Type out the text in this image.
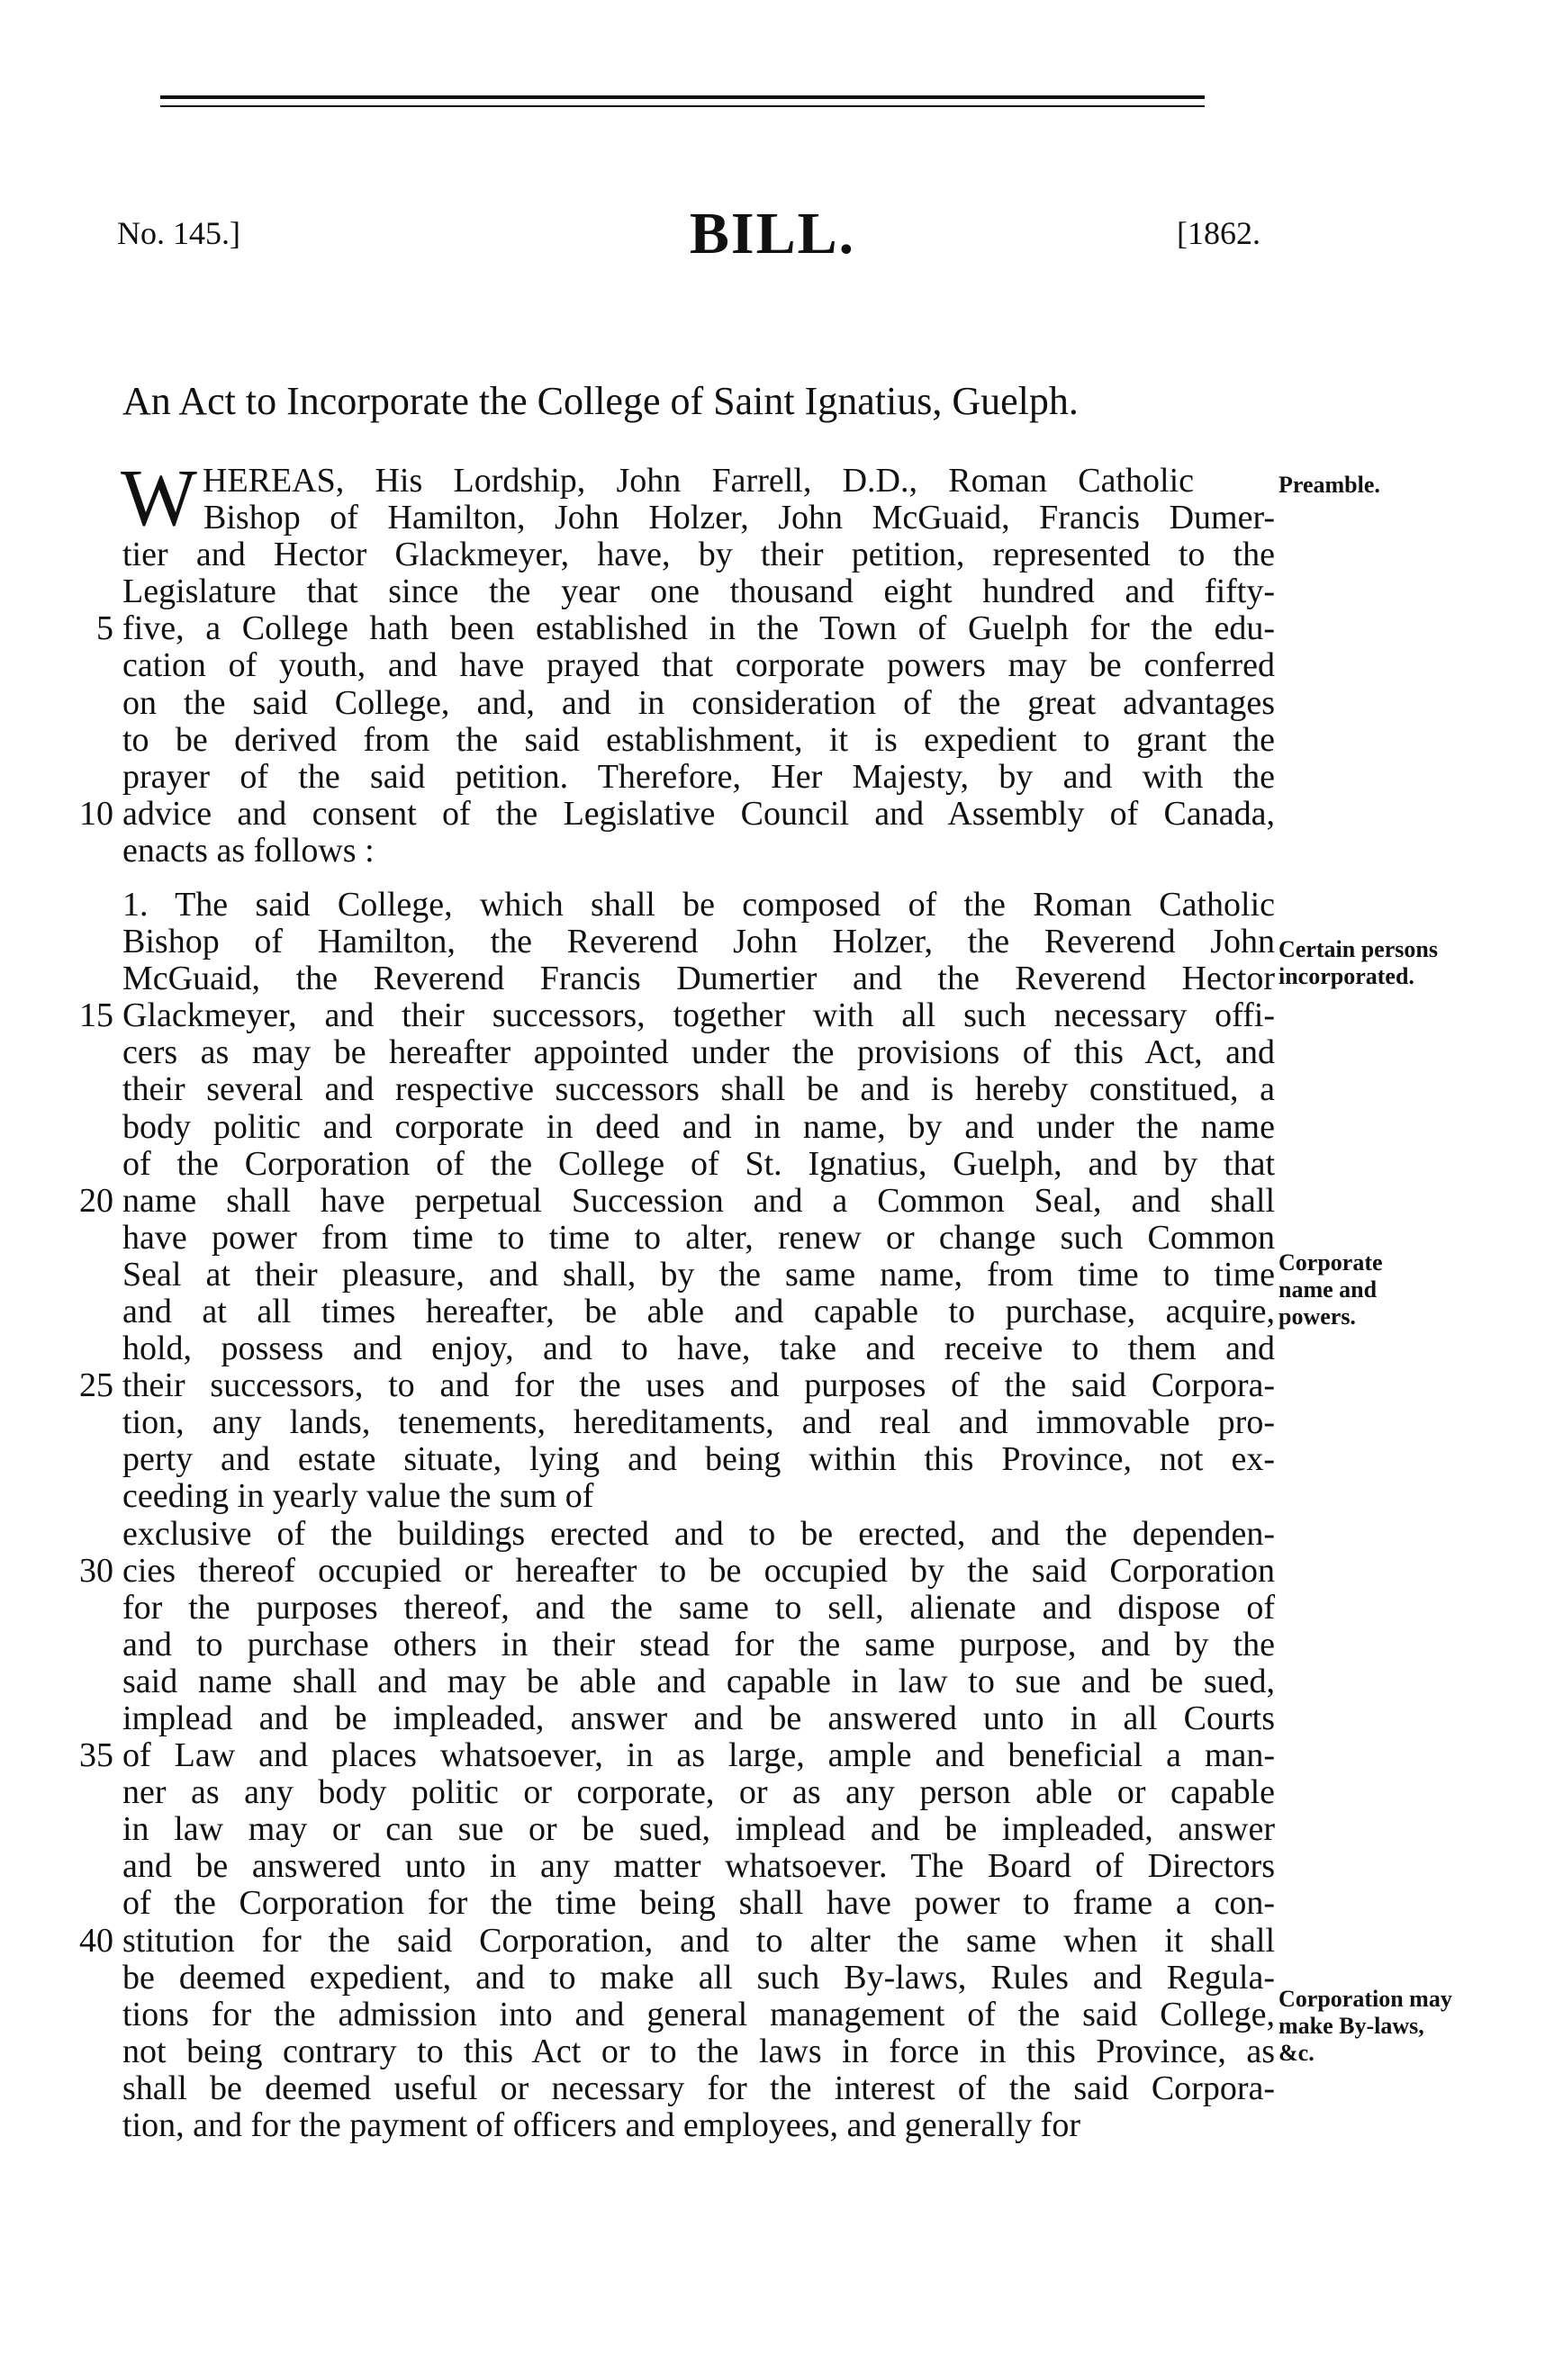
No. 145.]	BILL.	[1862.
An Act to Incorporate the College of Saint Ignatius, Guelph.
W HEREAS, His Lordship, John Farrell, D.D., Roman Catholic
Bishop of Hamilton, John Holzer, John McGuaid, Francis Dumer-
tier and Hector Glackmeyer, have, by their petition, represented to the
Legislature that since the year one thousand eight hundred and fifty-
5 five, a College hath been established in the Town of Guelph for the edu-
cation of youth, and have prayed that corporate powers may be conferred
on the said College, and, and in consideration of the great advantages
to be derived from the said establishment, it is expedient to grant the
prayer of the said petition. Therefore, Her Majesty, by and with the
10 advice and consent of the Legislative Council and Assembly of Canada,
enacts as follows :
1. The said College, which shall be composed of the Roman Catholic
Bishop of Hamilton, the Reverend John Holzer, the Reverend John
McGuaid, the Reverend Francis Dumertier and the Reverend Hector
15 Glackmeyer, and their successors, together with all such necessary offi-
cers as may be hereafter appointed under the provisions of this Act, and
their several and respective successors shall be and is hereby constitued, a
body politic and corporate in deed and in name, by and under the name
of the Corporation of the College of St. Ignatius, Guelph, and by that
20 name shall have perpetual Succession and a Common Seal, and shall
have power from time to time to alter, renew or change such Common
Seal at their pleasure, and shall, by the same name, from time to time
and at all times hereafter, be able and capable to purchase, acquire,
hold, possess and enjoy, and to have, take and receive to them and
25 their successors, to and for the uses and purposes of the said Corpora-
tion, any lands, tenements, hereditaments, and real and immovable pro-
perty and estate situate, lying and being within this Province, not ex-
ceeding in yearly value the sum of
exclusive of the buildings erected and to be erected, and the dependen-
30 cies thereof occupied or hereafter to be occupied by the said Corporation
for the purposes thereof, and the same to sell, alienate and dispose of
and to purchase others in their stead for the same purpose, and by the
said name shall and may be able and capable in law to sue and be sued,
implead and be impleaded, answer and be answered unto in all Courts
35 of Law and places whatsoever, in as large, ample and beneficial a man-
ner as any body politic or corporate, or as any person able or capable
in law may or can sue or be sued, implead and be impleaded, answer
and be answered unto in any matter whatsoever. The Board of Directors
of the Corporation for the time being shall have power to frame a con-
40 stitution for the said Corporation, and to alter the same when it shall
be deemed expedient, and to make all such By-laws, Rules and Regula-
tions for the admission into and general management of the said College,
not being contrary to this Act or to the laws in force in this Province, as
shall be deemed useful or necessary for the interest of the said Corpora-
tion, and for the payment of officers and employees, and generally for
Preamble.
Certain persons incorporated.
Corporate name and powers.
Corporation may make By-laws, &c.
